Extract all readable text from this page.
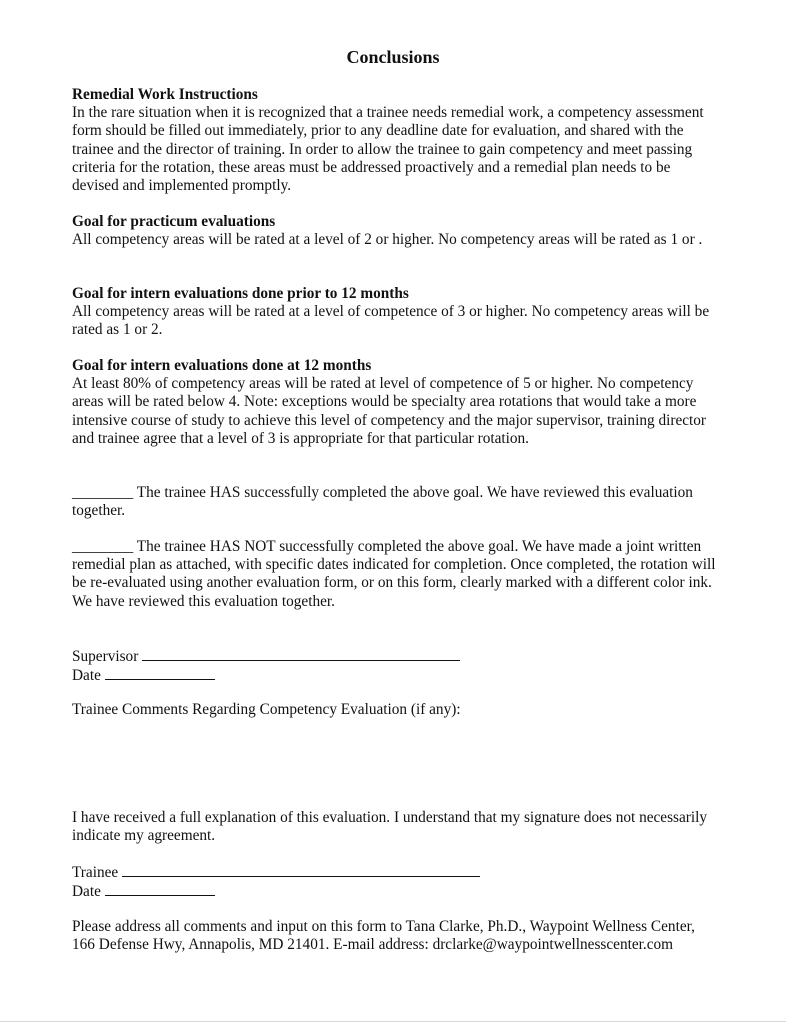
Conclusions
Remedial Work Instructions
In the rare situation when it is recognized that a trainee needs remedial work, a competency assessment form should be filled out immediately, prior to any deadline date for evaluation, and shared with the trainee and the director of training. In order to allow the trainee to gain competency and meet passing criteria for the rotation, these areas must be addressed proactively and a remedial plan needs to be devised and implemented promptly.
Goal for practicum evaluations
All competency areas will be rated at a level of 2 or higher. No competency areas will be rated as 1 or .
Goal for intern evaluations done prior to 12 months
All competency areas will be rated at a level of competence of 3 or higher. No competency areas will be rated as 1 or 2.
Goal for intern evaluations done at 12 months
At least 80% of competency areas will be rated at level of competence of 5 or higher. No competency areas will be rated below 4. Note: exceptions would be specialty area rotations that would take a more intensive course of study to achieve this level of competency and the major supervisor, training director and trainee agree that a level of 3 is appropriate for that particular rotation.
________ The trainee HAS successfully completed the above goal. We have reviewed this evaluation together.
________ The trainee HAS NOT successfully completed the above goal. We have made a joint written remedial plan as attached, with specific dates indicated for completion. Once completed, the rotation will be re-evaluated using another evaluation form, or on this form, clearly marked with a different color ink. We have reviewed this evaluation together.
Supervisor
Date
Trainee Comments Regarding Competency Evaluation (if any):
I have received a full explanation of this evaluation. I understand that my signature does not necessarily indicate my agreement.
Trainee
Date
Please address all comments and input on this form to Tana Clarke, Ph.D., Waypoint Wellness Center, 166 Defense Hwy, Annapolis, MD 21401. E-mail address: drclarke@waypointwellnesscenter.com
